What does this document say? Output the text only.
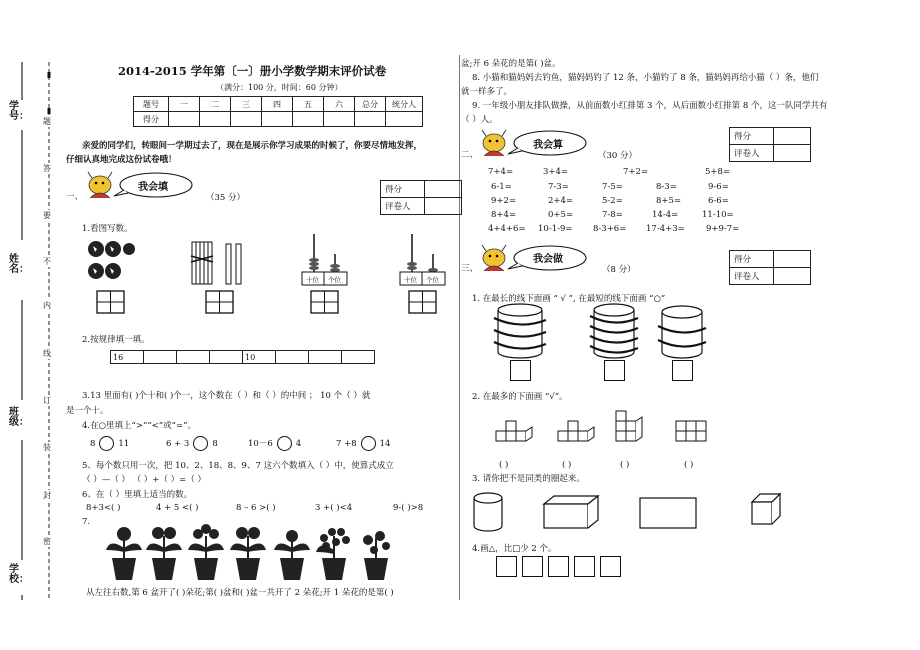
学号：
姓名：
班级：
学校：
题
答
要
不
内
线
订
装
封
密
2014-2015 学年第〔一〕册小学数学期末评价试卷
（满分：100 分，时间：60 分钟）
题号	一	二	三	四	五	六	总分	统分人
得分								
亲爱的同学们，转眼间一学期过去了，现在是展示你学习成果的时候了，你要尽情地发挥，
仔细认真地完成这份试卷哦！
一、
我会填
（35 分）
得分	
评卷人	
1.看图写数。
十位 个位	十位 个位
2.按规律填一填。
16				10			
3.13 里面有( )个十和( )个一，这个数在（ ）和（ ）的中间 ； 10 个（ ）就
是一个十。
4.在○里填上“>”“<”或“=”。
8	11	6 + 3	8	10－6	4	7 +8	14
5、每个数只用一次，把 10、2、18、8、9、7 这六个数填入（ ）中，使算式成立
（ ）—（ ） （ ）+（ ）=（ ）
6、在（ ）里填上适当的数。
8+3<( )	4 + 5 <( )	8 – 6 >( )	3 +( )<4	9-( )>8
7.
从左往右数,第 6 盆开了( )朵花;第( )盆和( )盆一共开了 2 朵花;开 1 朵花的是第( )
盆;开 6 朵花的是第( )盆。
8. 小猫和猫妈妈去钓鱼，猫妈妈钓了 12 条，小猫钓了 8 条，猫妈妈再给小猫（ ）条，他们
就一样多了。
9. 一年级小朋友排队做操，从前面数小红排第 3 个，从后面数小红排第 8 个，这一队同学共有
（ ）人。
得分	
评卷人	
二、
我会算
（30 分）
7+4=	3+4=	7+2=	5+8=
6-1=	7-3=	7-5=	8-3=	9-6=
9+2=	2+4=	5-2=	8+5=	6-6=
8+4=	0+5=	7-8=	14-4=	11-10=
4+4+6= 10-1-9= 8-3+6= 17-4+3=	9+9-7=
得分	
评卷人	
三、
我会做
（8 分）
1. 在最长的线下面画 “ √ ”, 在最短的线下面画 “○”
2. 在最多的下面画 “√”。
( )	( )	( )	( )
3. 请你把不是同类的圈起来。
4.画△，比□少 2 个。
